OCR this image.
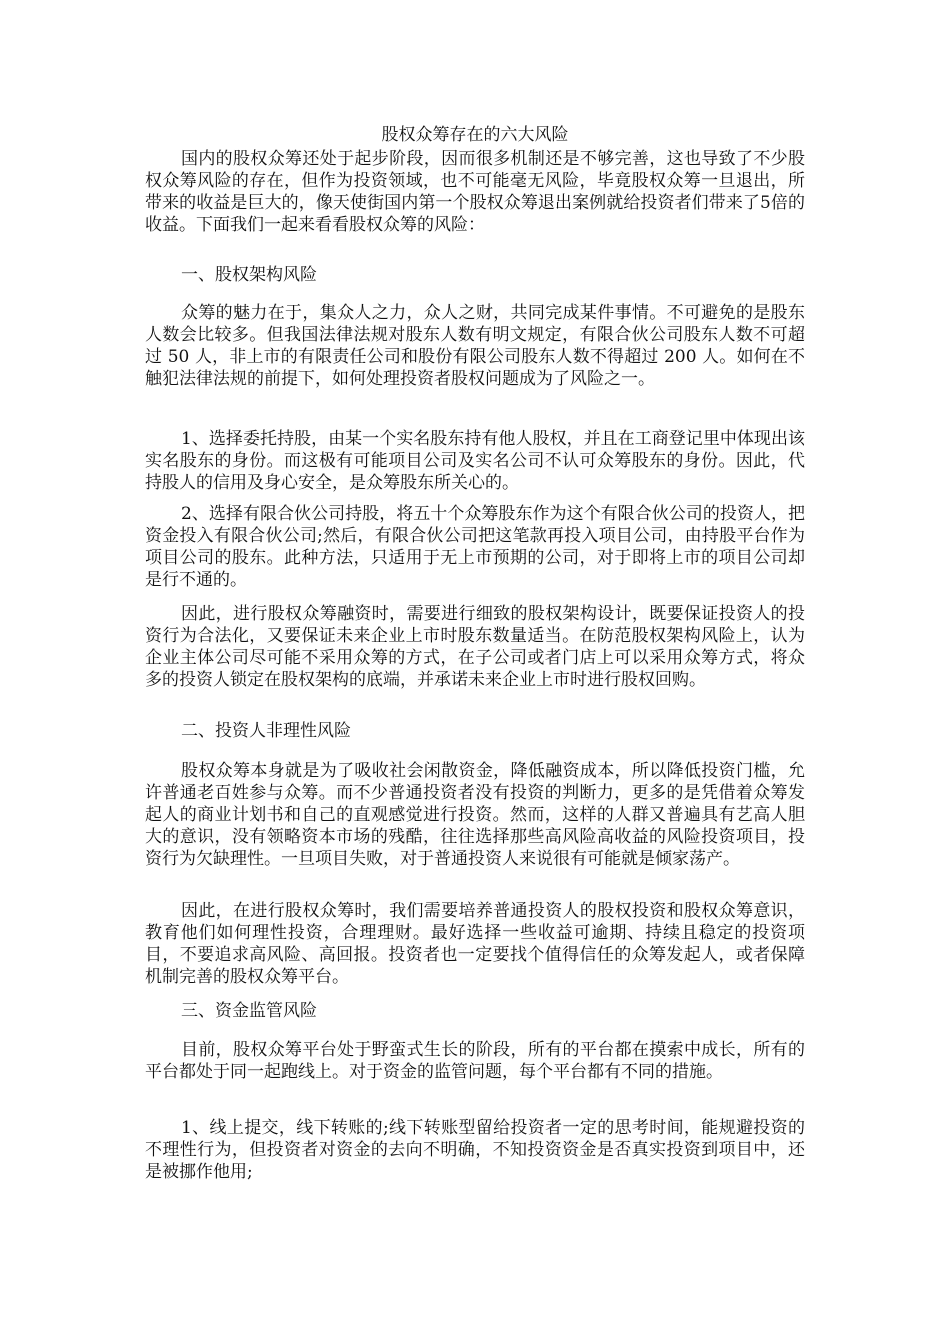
股权众筹存在的六大风险

国内的股权众筹还处于起步阶段，因而很多机制还是不够完善，这也导致了不少股权众筹风险的存在，但作为投资领域，也不可能毫无风险，毕竟股权众筹一旦退出，所带来的收益是巨大的，像天使街国内第一个股权众筹退出案例就给投资者们带来了5倍的收益。下面我们一起来看看股权众筹的风险：

一、股权架构风险

众筹的魅力在于，集众人之力，众人之财，共同完成某件事情。不可避免的是股东人数会比较多。但我国法律法规对股东人数有明文规定，有限合伙公司股东人数不可超过 50 人，非上市的有限责任公司和股份有限公司股东人数不得超过 200 人。如何在不触犯法律法规的前提下，如何处理投资者股权问题成为了风险之一。

1、选择委托持股，由某一个实名股东持有他人股权，并且在工商登记里中体现出该实名股东的身份。而这极有可能项目公司及实名公司不认可众筹股东的身份。因此，代持股人的信用及身心安全，是众筹股东所关心的。

2、选择有限合伙公司持股，将五十个众筹股东作为这个有限合伙公司的投资人，把资金投入有限合伙公司;然后，有限合伙公司把这笔款再投入项目公司，由持股平台作为项目公司的股东。此种方法，只适用于无上市预期的公司，对于即将上市的项目公司却是行不通的。

因此，进行股权众筹融资时，需要进行细致的股权架构设计，既要保证投资人的投资行为合法化，又要保证未来企业上市时股东数量适当。在防范股权架构风险上，认为企业主体公司尽可能不采用众筹的方式，在子公司或者门店上可以采用众筹方式，将众多的投资人锁定在股权架构的底端，并承诺未来企业上市时进行股权回购。

二、投资人非理性风险

股权众筹本身就是为了吸收社会闲散资金，降低融资成本，所以降低投资门槛，允许普通老百姓参与众筹。而不少普通投资者没有投资的判断力，更多的是凭借着众筹发起人的商业计划书和自己的直观感觉进行投资。然而，这样的人群又普遍具有艺高人胆大的意识，没有领略资本市场的残酷，往往选择那些高风险高收益的风险投资项目，投资行为欠缺理性。一旦项目失败，对于普通投资人来说很有可能就是倾家荡产。

因此，在进行股权众筹时，我们需要培养普通投资人的股权投资和股权众筹意识，教育他们如何理性投资，合理理财。最好选择一些收益可逾期、持续且稳定的投资项目，不要追求高风险、高回报。投资者也一定要找个值得信任的众筹发起人，或者保障机制完善的股权众筹平台。

三、资金监管风险

目前，股权众筹平台处于野蛮式生长的阶段，所有的平台都在摸索中成长，所有的平台都处于同一起跑线上。对于资金的监管问题，每个平台都有不同的措施。

1、线上提交，线下转账的;线下转账型留给投资者一定的思考时间，能规避投资的不理性行为，但投资者对资金的去向不明确，不知投资资金是否真实投资到项目中，还是被挪作他用;
